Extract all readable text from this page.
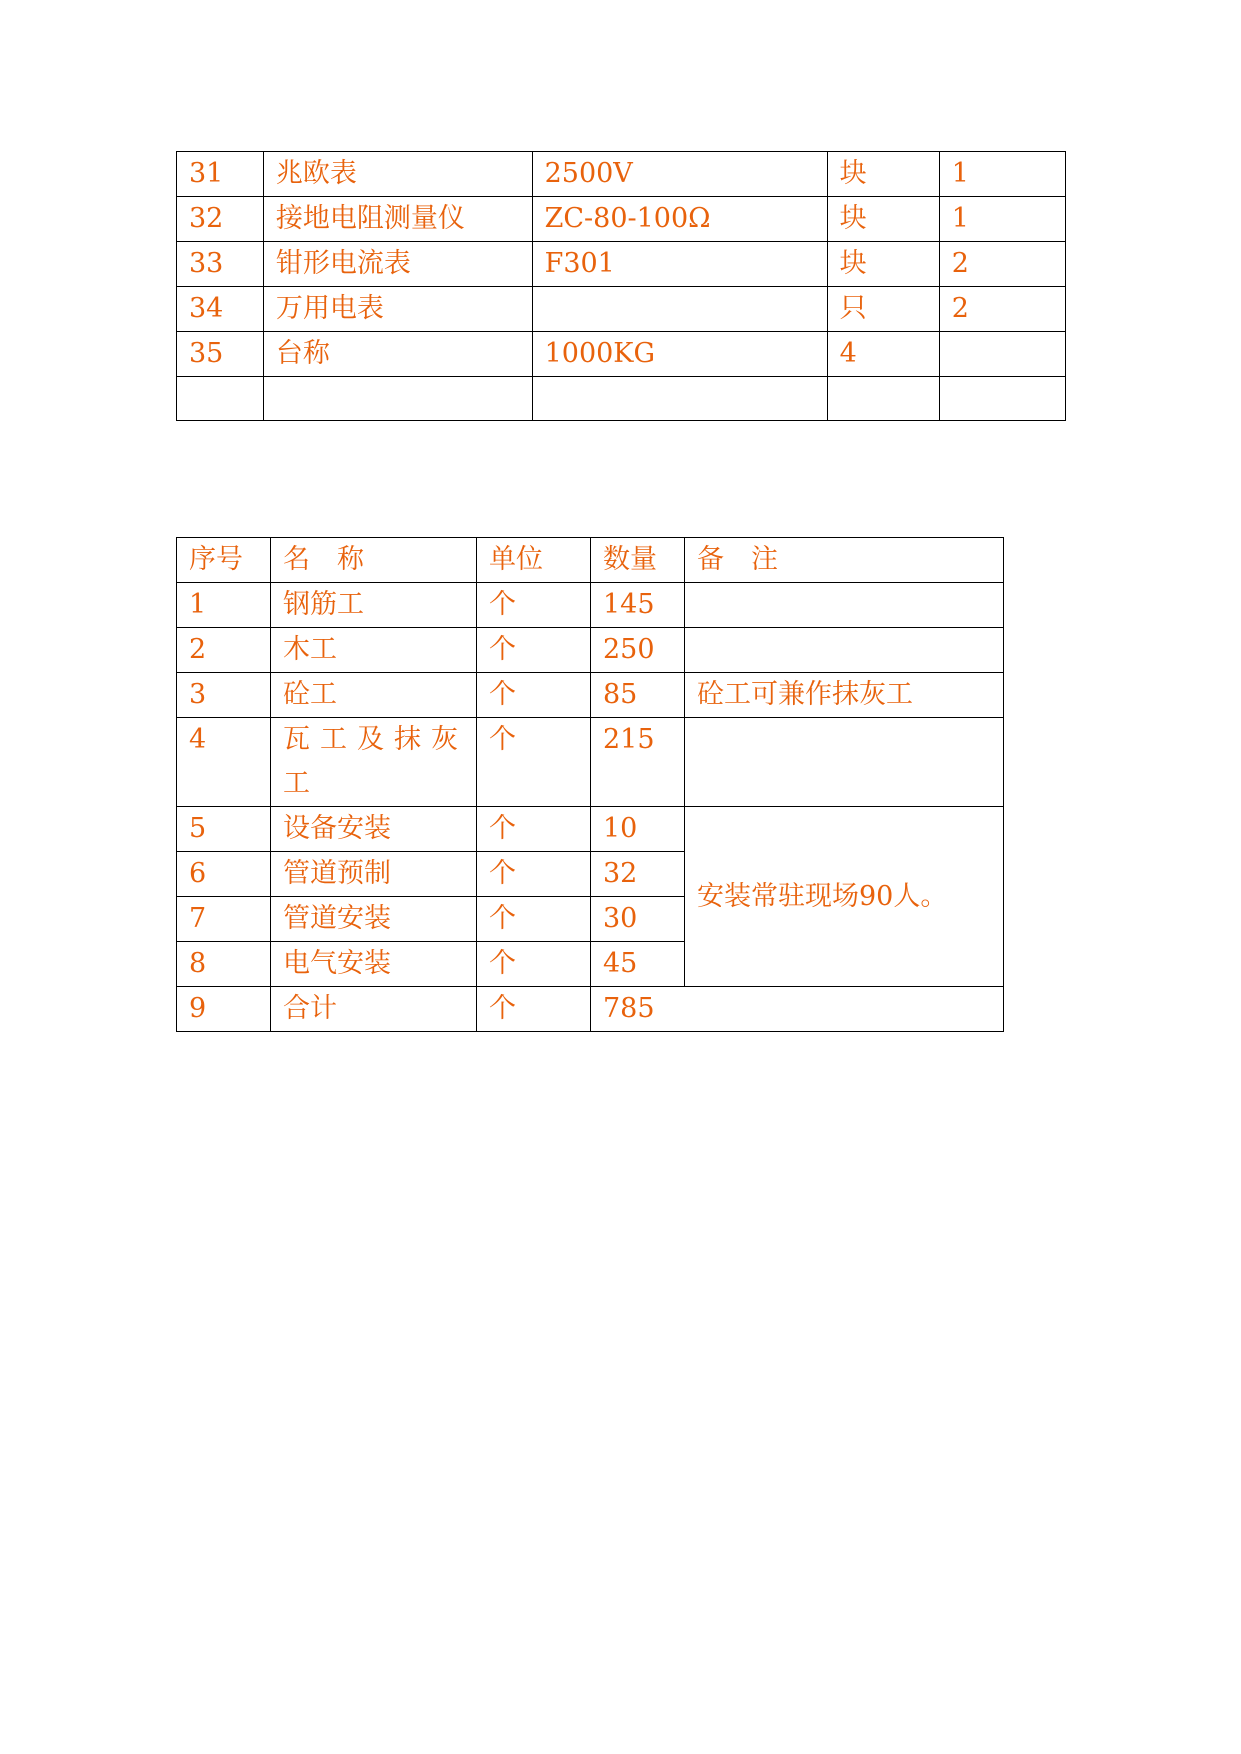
31	兆欧表	2500V	块	1
32	接地电阻测量仪	ZC-80-100Ω	块	1
33	钳形电流表	F301	块	2
34	万用电表		只	2
35	台称	1000KG	4	

序号	名　称	单位	数量	备　注
1	钢筋工	个	145	
2	木工	个	250	
3	砼工	个	85	砼工可兼作抹灰工
4	瓦工及抹灰工	个	215	
5	设备安装	个	10	安装常驻现场90人。
6	管道预制	个	32	
7	管道安装	个	30	
8	电气安装	个	45	
9	合计	个	785	
